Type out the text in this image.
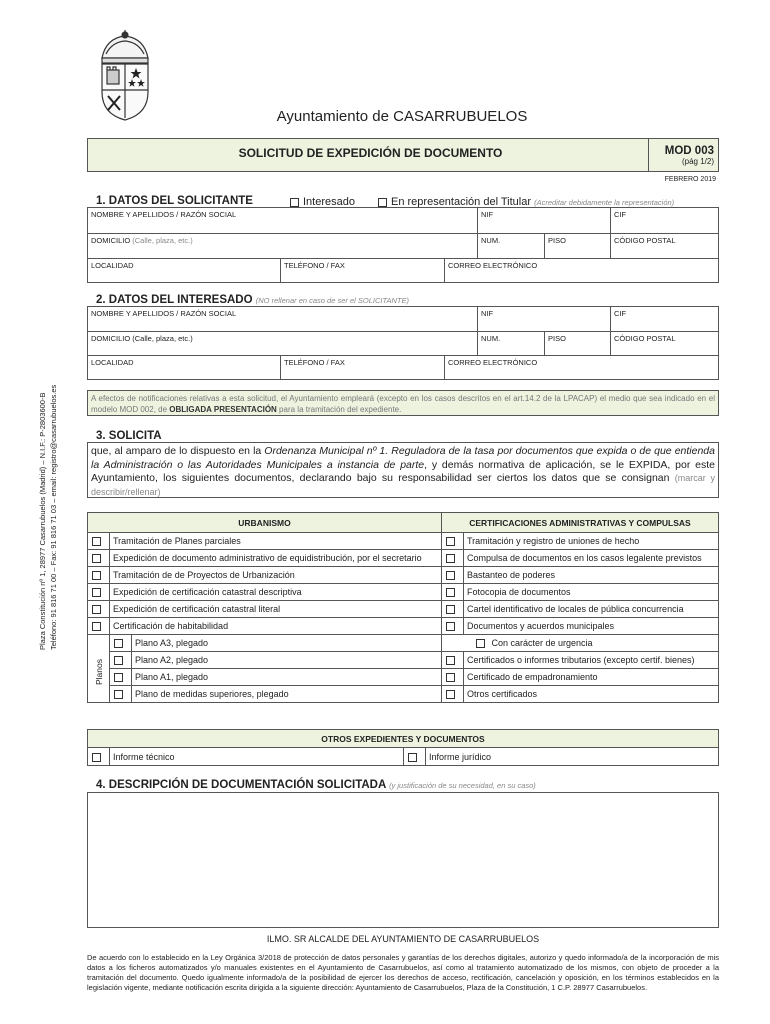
Ayuntamiento de CASARRUBUELOS
SOLICITUD DE EXPEDICIÓN DE DOCUMENTO	MOD 003
(pág 1/2)
FEBRERO 2019
Plaza Constitución nº 1, 28977 Casarrubuelos (Madrid) – N.I.F.: P-2803600-B Teléfono: 91 816 71 00 – Fax: 91 816 71 03 – email: registro@casarrubuelos.es
1. DATOS DEL SOLICITANTE	Interesado	En representación del Titular (Acreditar debidamente la representación)
NOMBRE Y APELLIDOS / RAZÓN SOCIAL			NIF		CIF
DOMICILIO (Calle, plaza, etc.)			NUM.	PISO	CÓDIGO POSTAL
LOCALIDAD	TELÉFONO / FAX	CORREO ELECTRÓNICO			
2. DATOS DEL INTERESADO (NO rellenar en caso de ser el SOLICITANTE)
NOMBRE Y APELLIDOS / RAZÓN SOCIAL			NIF		CIF
DOMICILIO (Calle, plaza, etc.)			NUM.	PISO	CÓDIGO POSTAL
LOCALIDAD	TELÉFONO / FAX	CORREO ELECTRÓNICO			
A efectos de notificaciones relativas a esta solicitud, el Ayuntamiento empleará (excepto en los casos descritos en el art.14.2 de la LPACAP) el medio que sea indicado en el modelo MOD 002, de OBLIGADA PRESENTACIÓN para la tramitación del expediente.
3. SOLICITA
que, al amparo de lo dispuesto en la Ordenanza Municipal nº 1. Reguladora de la tasa por documentos que expida o de que entienda la Administración o las Autoridades Municipales a instancia de parte, y demás normativa de aplicación, se le EXPIDA, por este Ayuntamiento, los siguientes documentos, declarando bajo su responsabilidad ser ciertos los datos que se consignan (marcar y describir/rellenar)
URBANISMO			CERTIFICACIONES ADMINISTRATIVAS Y COMPULSAS	
	Tramitación de Planes parciales			Tramitación y registro de uniones de hecho
	Expedición de documento administrativo de equidistribución, por el secretario			Compulsa de documentos en los casos legalente previstos
	Tramitación de de Proyectos de Urbanización			Bastanteo de poderes
	Expedición de certificación catastral descriptiva			Fotocopia de documentos
	Expedición de certificación catastral literal			Cartel identificativo de locales de pública concurrencia
	Certificación de habitabilidad			Documentos y acuerdos municipales

Planos		Plano A3, plegado	Con carácter de urgencia	
		Plano A2, plegado		Certificados o informes tributarios (excepto certif. bienes)
		Plano A1, plegado		Certificado de empadronamiento
		Plano de medidas superiores, plegado		Otros certificados
OTROS EXPEDIENTES Y DOCUMENTOS
	Informe técnico		Informe jurídico
4. DESCRIPCIÓN DE DOCUMENTACIÓN SOLICITADA (y justificación de su necesidad, en su caso)
ILMO. SR ALCALDE DEL AYUNTAMIENTO DE CASARRUBUELOS
De acuerdo con lo establecido en la Ley Orgánica 3/2018 de protección de datos personales y garantías de los derechos digitales, autorizo y quedo informado/a de la incorporación de mis datos a los ficheros automatizados y/o manuales existentes en el Ayuntamiento de Casarrubuelos, así como al tratamiento automatizado de los mismos, con objeto de proceder a la tramitación del documento. Quedo igualmente informado/a de la posibilidad de ejercer los derechos de acceso, rectificación, cancelación y oposición, en los términos establecidos en la legislación vigente, mediante notificación escrita dirigida a la siguiente dirección: Ayuntamiento de Casarrubuelos, Plaza de la Constitución, 1 C.P. 28977 Casarrubuelos.
